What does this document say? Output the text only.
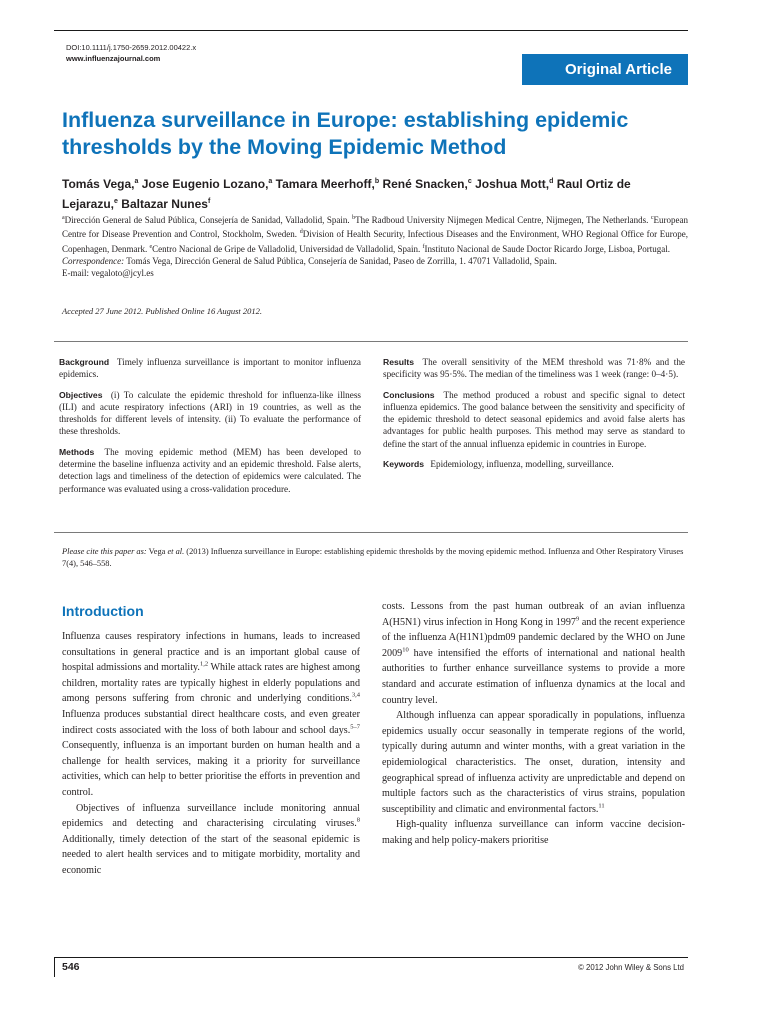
DOI:10.1111/j.1750-2659.2012.00422.x
www.influenzajournal.com
Original Article
Influenza surveillance in Europe: establishing epidemic thresholds by the Moving Epidemic Method
Tomás Vega,$^a$ Jose Eugenio Lozano,$^a$ Tamara Meerhoff,$^b$ René Snacken,$^c$ Joshua Mott,$^d$ Raul Ortiz de Lejarazu,$^e$ Baltazar Nunes$^f$
$^a$Dirección General de Salud Pública, Consejería de Sanidad, Valladolid, Spain. $^b$The Radboud University Nijmegen Medical Centre, Nijmegen, The Netherlands. $^c$European Centre for Disease Prevention and Control, Stockholm, Sweden. $^d$Division of Health Security, Infectious Diseases and the Environment, WHO Regional Office for Europe, Copenhagen, Denmark. $^e$Centro Nacional de Gripe de Valladolid, Universidad de Valladolid, Spain. $^f$Instituto Nacional de Saude Doctor Ricardo Jorge, Lisboa, Portugal.
Correspondence: Tomás Vega, Dirección General de Salud Pública, Consejería de Sanidad, Paseo de Zorrilla, 1. 47071 Valladolid, Spain.
E-mail: vegaloto@jcyl.es
Accepted 27 June 2012. Published Online 16 August 2012.

Background Timely influenza surveillance is important to monitor influenza epidemics.

Objectives (i) To calculate the epidemic threshold for influenza-like illness (ILI) and acute respiratory infections (ARI) in 19 countries, as well as the thresholds for different levels of intensity. (ii) To evaluate the performance of these thresholds.

Methods The moving epidemic method (MEM) has been developed to determine the baseline influenza activity and an epidemic threshold. False alerts, detection lags and timeliness of the detection of epidemics were calculated. The performance was evaluated using a cross-validation procedure.

Results The overall sensitivity of the MEM threshold was 71·8% and the specificity was 95·5%. The median of the timeliness was 1 week (range: 0–4·5).

Conclusions The method produced a robust and specific signal to detect influenza epidemics. The good balance between the sensitivity and specificity of the epidemic threshold to detect seasonal epidemics and avoid false alerts has advantages for public health purposes. This method may serve as standard to define the start of the annual influenza epidemic in countries in Europe.

Keywords Epidemiology, influenza, modelling, surveillance.

Please cite this paper as: Vega et al. (2013) Influenza surveillance in Europe: establishing epidemic thresholds by the moving epidemic method. Influenza and Other Respiratory Viruses 7(4), 546–558.
Introduction

Influenza causes respiratory infections in humans, leads to increased consultations in general practice and is an important global cause of hospital admissions and mortality.$^{1,2}$ While attack rates are highest among children, mortality rates are typically highest in elderly populations and among persons suffering from chronic and underlying conditions.$^{3,4}$ Influenza produces substantial direct healthcare costs, and even greater indirect costs associated with the loss of both labour and school days.$^{5-7}$ Consequently, influenza is an important burden on human health and a challenge for health services, making it a priority for surveillance activities, which can help to better prioritise the efforts in prevention and control.

Objectives of influenza surveillance include monitoring annual epidemics and detecting and characterising circulating viruses.$^8$ Additionally, timely detection of the start of the seasonal epidemic is needed to alert health services and to mitigate morbidity, mortality and economic

costs. Lessons from the past human outbreak of an avian influenza A(H5N1) virus infection in Hong Kong in 1997$^9$ and the recent experience of the influenza A(H1N1)pdm09 pandemic declared by the WHO on June 2009$^{10}$ have intensified the efforts of international and national health authorities to further enhance surveillance systems to provide a more standard and accurate estimation of influenza dynamics at the local and country level.

Although influenza can appear sporadically in populations, influenza epidemics usually occur seasonally in temperate regions of the world, typically during autumn and winter months, with a great variation in the epidemiological characteristics. The onset, duration, intensity and geographical spread of influenza activity are unpredictable and depend on multiple factors such as the characteristics of virus strains, population susceptibility and climatic and environmental factors.$^{11}$

High-quality influenza surveillance can inform vaccine decision-making and help policy-makers prioritise

546	© 2012 John Wiley & Sons Ltd
